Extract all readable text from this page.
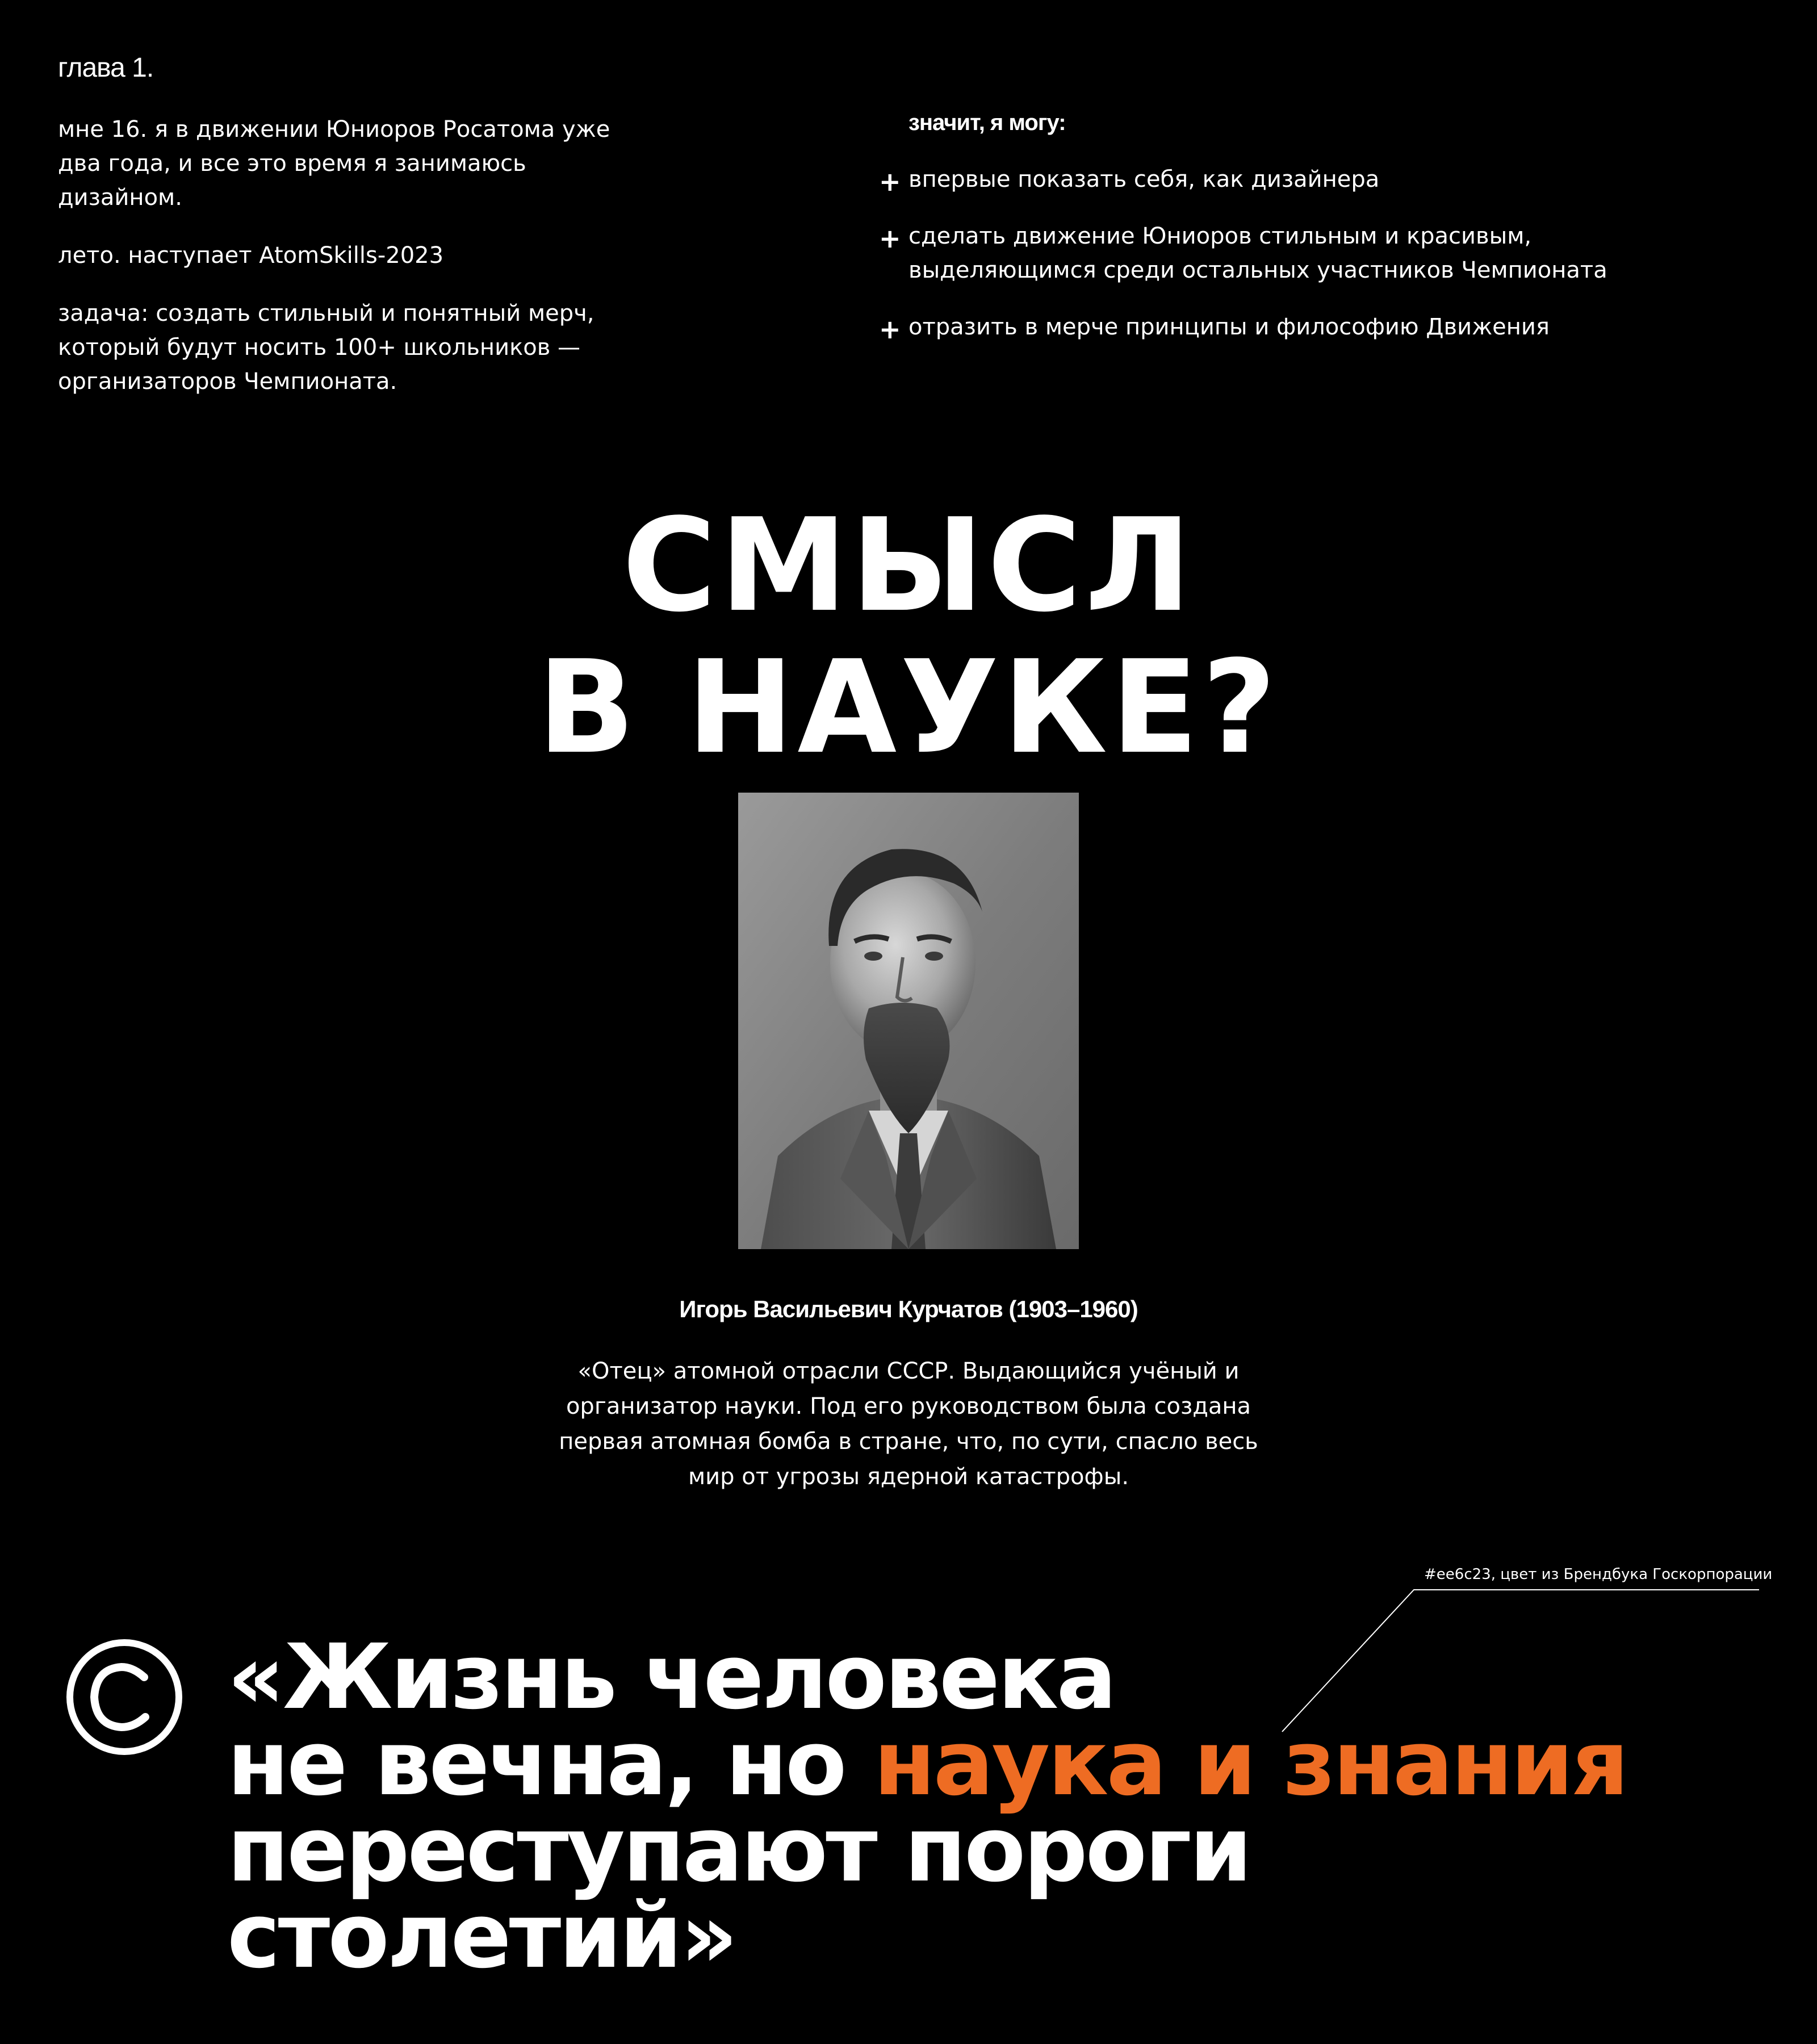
глава 1.

мне 16. я в движении Юниоров Росатома уже два года, и все это время я занимаюсь дизайном.

лето. наступает AtomSkills-2023

задача: создать стильный и понятный мерч, который будут носить 100+ школьников — организаторов Чемпионата.

значит, я могу:
+ впервые показать себя, как дизайнера
+ сделать движение Юниоров стильным и красивым, выделяющимся среди остальных участников Чемпионата
+ отразить в мерче принципы и философию Движения
СМЫСЛ
В НАУКЕ?
Игорь Васильевич Курчатов (1903–1960)
«Отец» атомной отрасли СССР. Выдающийся учёный и организатор науки. Под его руководством была создана первая атомная бомба в стране, что, по сути, спасло весь мир от угрозы ядерной катастрофы.
#ee6c23, цвет из Брендбука Госкорпорации
«Жизнь человека
не вечна, но наука и знания
переступают пороги
столетий»
